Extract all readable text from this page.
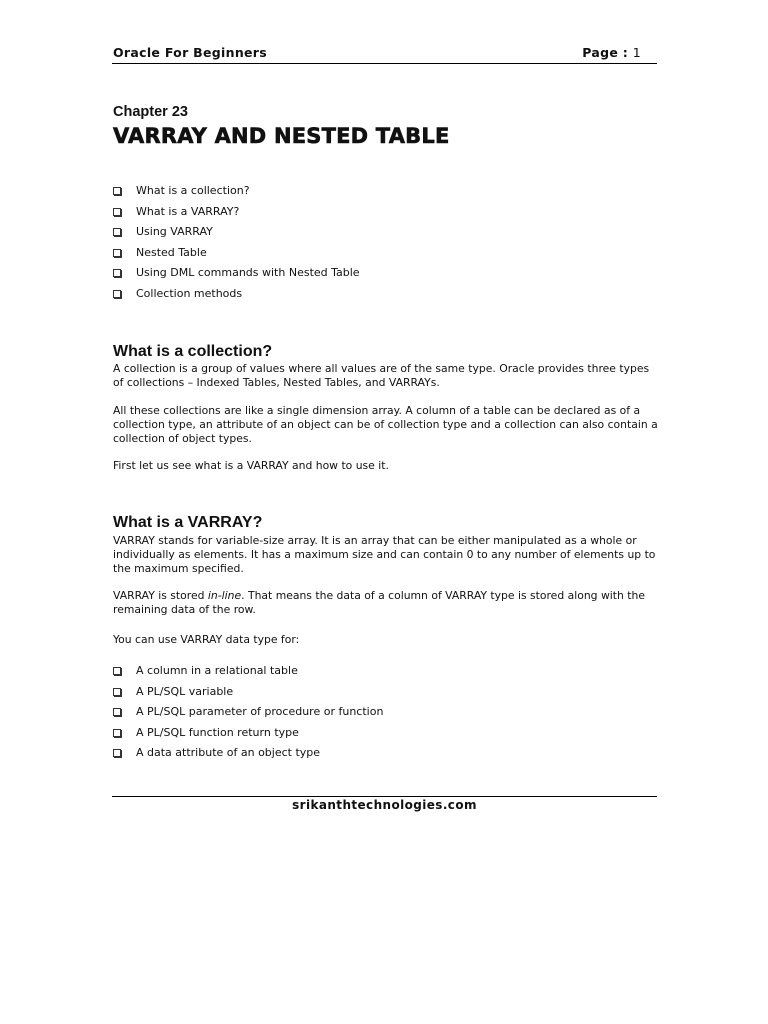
Oracle For Beginners	Page : 1
Chapter 23
VARRAY AND NESTED TABLE
What is a collection?
What is a VARRAY?
Using VARRAY
Nested Table
Using DML commands with Nested Table
Collection methods
What is a collection?

A collection is a group of values where all values are of the same type. Oracle provides three types of collections – Indexed Tables, Nested Tables, and VARRAYs.

All these collections are like a single dimension array. A column of a table can be declared as of a collection type, an attribute of an object can be of collection type and a collection can also contain a collection of object types.

First let us see what is a VARRAY and how to use it.

What is a VARRAY?

VARRAY stands for variable-size array. It is an array that can be either manipulated as a whole or individually as elements. It has a maximum size and can contain 0 to any number of elements up to the maximum specified.

VARRAY is stored in-line. That means the data of a column of VARRAY type is stored along with the remaining data of the row.

You can use VARRAY data type for:

A column in a relational table
A PL/SQL variable
A PL/SQL parameter of procedure or function
A PL/SQL function return type
A data attribute of an object type
srikanthtechnologies.com
